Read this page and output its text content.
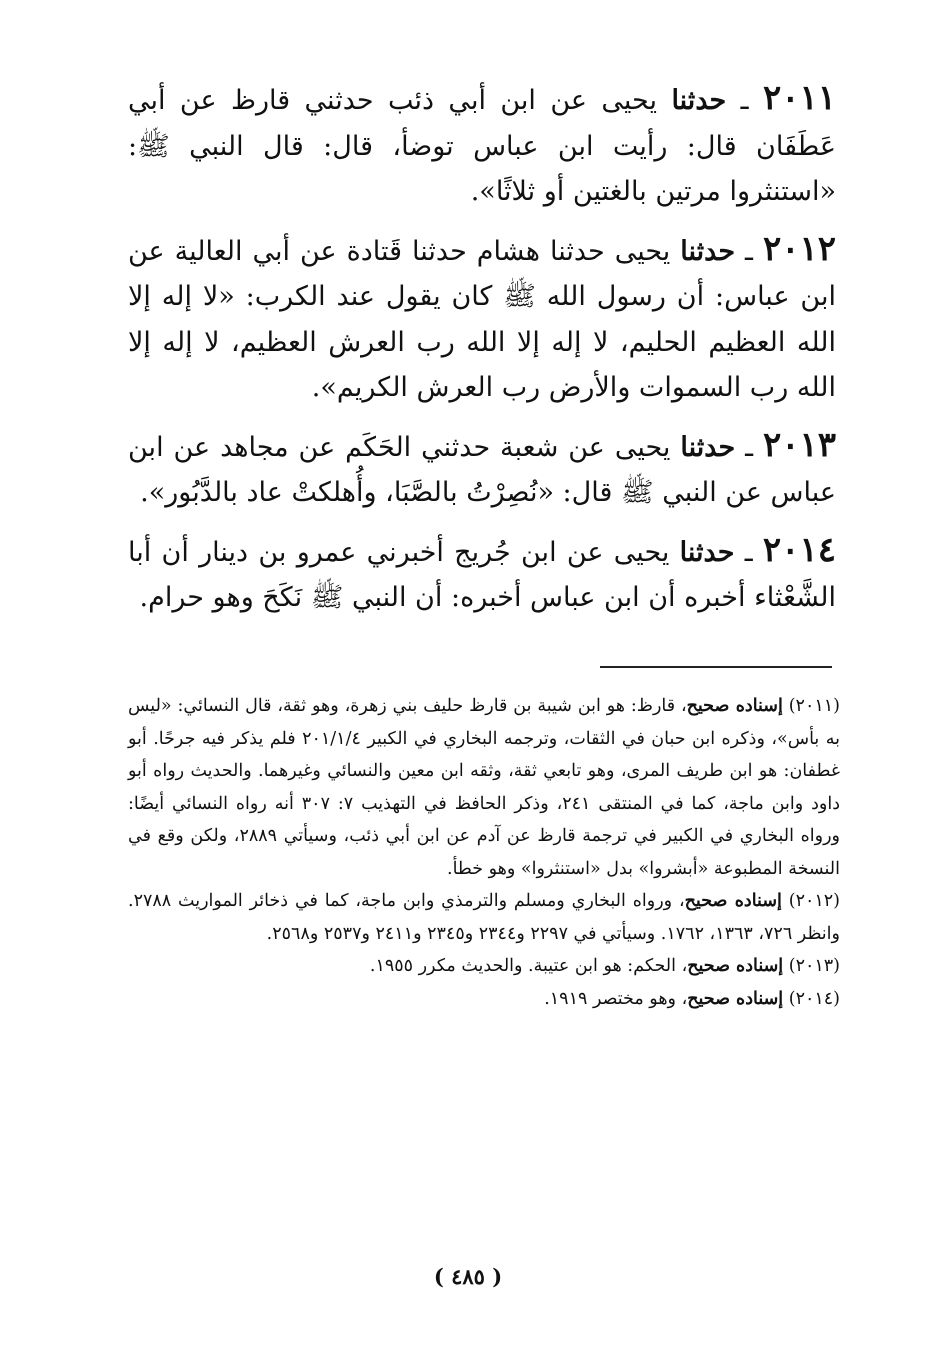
٢٠١١ ـ حدثنا يحيى عن ابن أبي ذئب حدثني قارظ عن أبي عَطَفَان قال: رأيت ابن عباس توضأ، قال: قال النبي ﷺ: «استنثروا مرتين بالغتين أو ثلاثًا».

٢٠١٢ ـ حدثنا يحيى حدثنا هشام حدثنا قَتادة عن أبي العالية عن ابن عباس: أن رسول الله ﷺ كان يقول عند الكرب: «لا إله إلا الله العظيم الحليم، لا إله إلا الله رب العرش العظيم، لا إله إلا الله رب السموات والأرض رب العرش الكريم».

٢٠١٣ ـ حدثنا يحيى عن شعبة حدثني الحَكَم عن مجاهد عن ابن عباس عن النبي ﷺ قال: «نُصِرْتُ بالصَّبَا، وأُهلكتْ عاد بالدَّبُور».

٢٠١٤ ـ حدثنا يحيى عن ابن جُريج أخبرني عمرو بن دينار أن أبا الشَّعْثاء أخبره أن ابن عباس أخبره: أن النبي ﷺ نَكَحَ وهو حرام.

(٢٠١١) إسناده صحيح، قارظ: هو ابن شيبة بن قارظ حليف بني زهرة، وهو ثقة، قال النسائي: «ليس به بأس»، وذكره ابن حبان في الثقات، وترجمه البخاري في الكبير ٢٠١/١/٤ فلم يذكر فيه جرحًا. أبو غطفان: هو ابن طريف المرى، وهو تابعي ثقة، وثقه ابن معين والنسائي وغيرهما. والحديث رواه أبو داود وابن ماجة، كما في المنتقى ٢٤١، وذكر الحافظ في التهذيب ٧: ٣٠٧ أنه رواه النسائي أيضًا: ورواه البخاري في الكبير في ترجمة قارظ عن آدم عن ابن أبي ذئب، وسيأتي ٢٨٨٩، ولكن وقع في النسخة المطبوعة «أبشروا» بدل «استنثروا» وهو خطأ.

(٢٠١٢) إسناده صحيح، ورواه البخاري ومسلم والترمذي وابن ماجة، كما في ذخائر المواريث ٢٧٨٨. وانظر ٧٢٦، ١٣٦٣، ١٧٦٢. وسيأتي في ٢٢٩٧ و٢٣٤٤ و٢٣٤٥ و٢٤١١ و٢٥٣٧ و٢٥٦٨.

(٢٠١٣) إسناده صحيح، الحكم: هو ابن عتيبة. والحديث مكرر ١٩٥٥.

(٢٠١٤) إسناده صحيح، وهو مختصر ١٩١٩.

( ٤٨٥ )
